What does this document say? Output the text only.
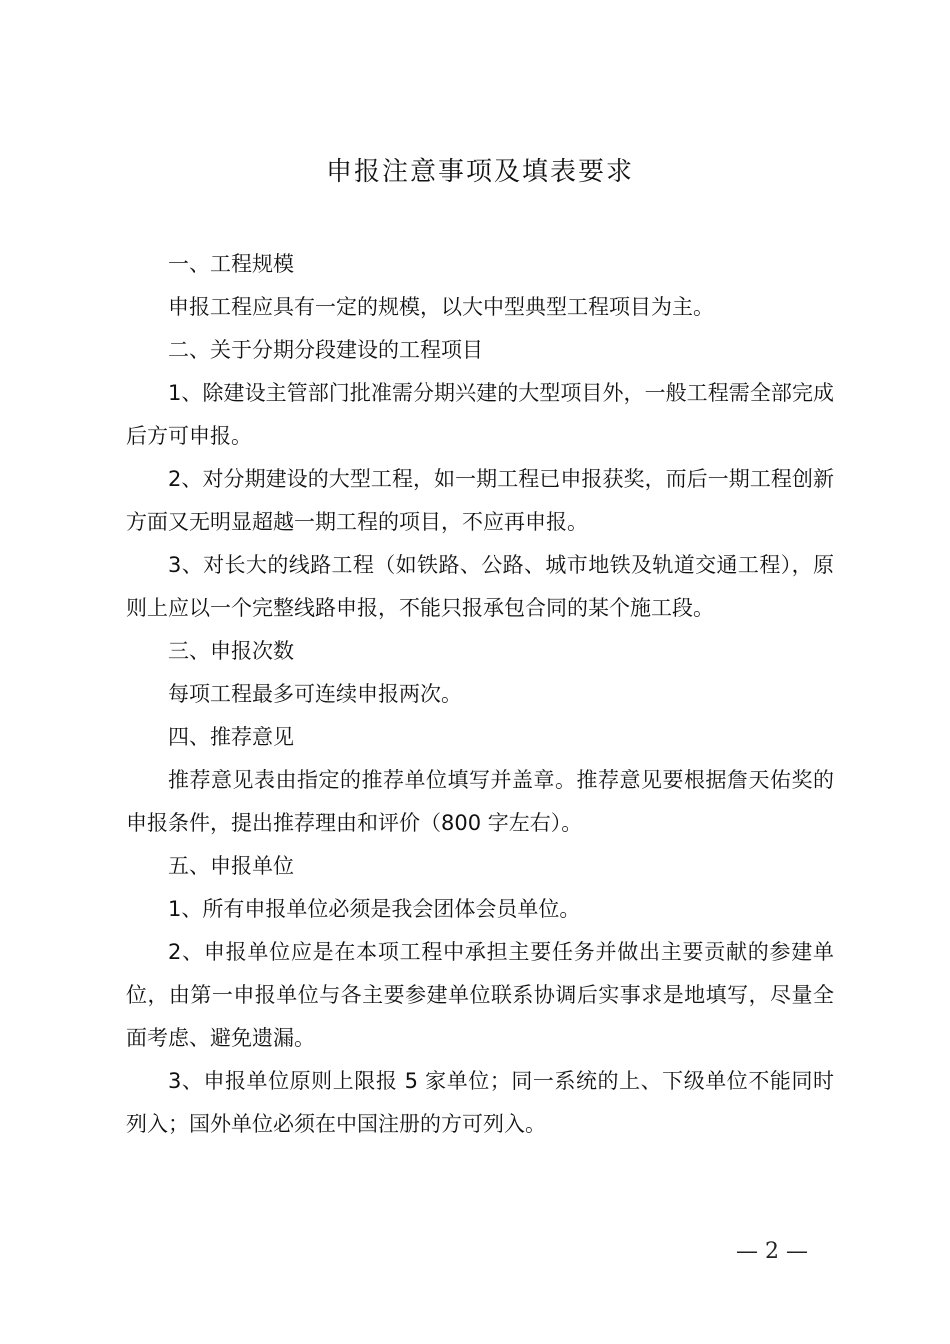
申报注意事项及填表要求

一、工程规模

申报工程应具有一定的规模，以大中型典型工程项目为主。

二、关于分期分段建设的工程项目

1、除建设主管部门批准需分期兴建的大型项目外，一般工程需全部完成后方可申报。

2、对分期建设的大型工程，如一期工程已申报获奖，而后一期工程创新方面又无明显超越一期工程的项目，不应再申报。

3、对长大的线路工程（如铁路、公路、城市地铁及轨道交通工程），原则上应以一个完整线路申报，不能只报承包合同的某个施工段。

三、申报次数

每项工程最多可连续申报两次。

四、推荐意见

推荐意见表由指定的推荐单位填写并盖章。推荐意见要根据詹天佑奖的申报条件，提出推荐理由和评价（800 字左右）。

五、申报单位

1、所有申报单位必须是我会团体会员单位。

2、申报单位应是在本项工程中承担主要任务并做出主要贡献的参建单位，由第一申报单位与各主要参建单位联系协调后实事求是地填写，尽量全面考虑、避免遗漏。

3、申报单位原则上限报 5 家单位；同一系统的上、下级单位不能同时列入；国外单位必须在中国注册的方可列入。

— 2 —
